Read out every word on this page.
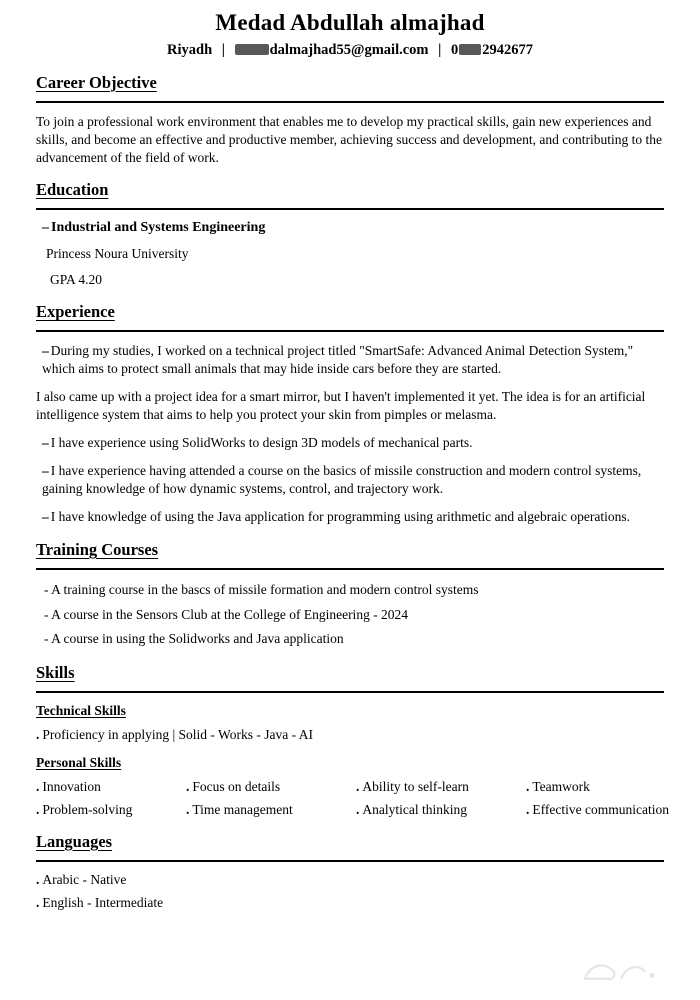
Medad Abdullah almajhad
Riyadh |	dalmajhad55@gmail.com | 0 2942677
Career Objective

To join a professional work environment that enables me to develop my practical skills, gain new experiences and skills, and become an effective and productive member, achieving success and development, and contributing to the advancement of the field of work.

Education
– Industrial and Systems Engineering
Princess Noura University
GPA 4.20
Experience

– During my studies, I worked on a technical project titled "SmartSafe: Advanced Animal Detection System," which aims to protect small animals that may hide inside cars before they are started.

I also came up with a project idea for a smart mirror, but I haven't implemented it yet. The idea is for an artificial intelligence system that aims to help you protect your skin from pimples or melasma.

– I have experience using SolidWorks to design 3D models of mechanical parts.

– I have experience having attended a course on the basics of missile construction and modern control systems, gaining knowledge of how dynamic systems, control, and trajectory work.

– I have knowledge of using the Java application for programming using arithmetic and algebraic operations.

Training Courses
- A training course in the bascs of missile formation and modern control systems
- A course in the Sensors Club at the College of Engineering - 2024
- A course in using the Solidworks and Java application
Skills
Technical Skills
. Proficiency in applying | Solid - Works - Java - AI
Personal Skills
. Innovation	. Focus on details	. Ability to self-learn	. Teamwork
. Problem-solving	. Time management	. Analytical thinking	. Effective communication
Languages
. Arabic - Native
. English - Intermediate
